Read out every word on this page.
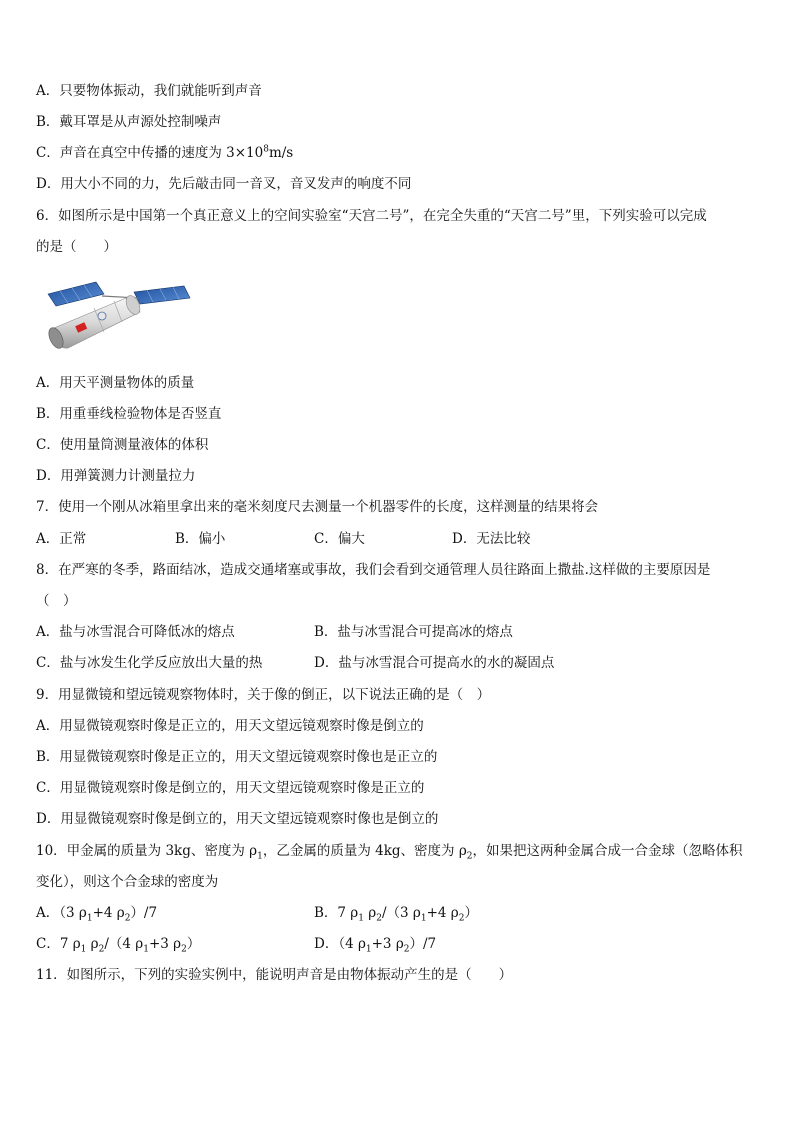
A．只要物体振动，我们就能听到声音
B．戴耳罩是从声源处控制噪声
C．声音在真空中传播的速度为 $3\times 10^8m/s$
D．用大小不同的力，先后敲击同一音叉，音叉发声的响度不同
6．如图所示是中国第一个真正意义上的空间实验室“天宫二号”，在完全失重的“天宫二号”里，下列实验可以完成
的是（　　）
A．用天平测量物体的质量
B．用重垂线检验物体是否竖直
C．使用量筒测量液体的体积
D．用弹簧测力计测量拉力
7．使用一个刚从冰箱里拿出来的毫米刻度尺去测量一个机器零件的长度，这样测量的结果将会
A．正常	B．偏小	C．偏大	D．无法比较
8．在严寒的冬季，路面结冰，造成交通堵塞或事故，我们会看到交通管理人员往路面上撒盐.这样做的主要原因是
（　）
A．盐与冰雪混合可降低冰的熔点	B．盐与冰雪混合可提高冰的熔点
C．盐与冰发生化学反应放出大量的热	D．盐与冰雪混合可提高水的水的凝固点
9．用显微镜和望远镜观察物体时，关于像的倒正，以下说法正确的是（　）
A．用显微镜观察时像是正立的，用天文望远镜观察时像是倒立的
B．用显微镜观察时像是正立的，用天文望远镜观察时像也是正立的
C．用显微镜观察时像是倒立的，用天文望远镜观察时像是正立的
D．用显微镜观察时像是倒立的，用天文望远镜观察时像也是倒立的
10．甲金属的质量为 3kg、密度为 $\rho_1$，乙金属的质量为 4kg、密度为 $\rho_2$，如果把这两种金属合成一合金球（忽略体积
变化），则这个合金球的密度为
A．（3 $\rho_1+4$ $\rho_2)/7$	B．7 $\rho_1$ $\rho_2/(3$ $\rho_1+4$ $\rho_2$）
C．7 $\rho_1$ $\rho_2/(4$ $\rho_1+3$ $\rho_2$）	D．（4 $\rho_1+3$ $\rho_2)/7$
11．如图所示，下列的实验实例中，能说明声音是由物体振动产生的是（　　）
